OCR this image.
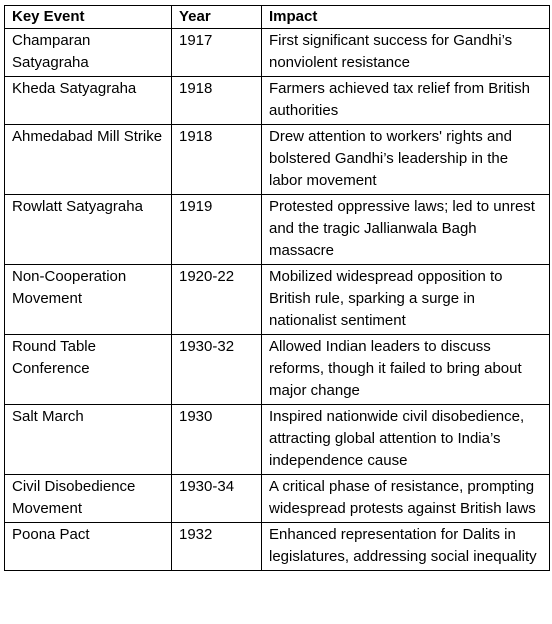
Key Event	Year	Impact
Champaran Satyagraha	1917	First significant success for Gandhi’s nonviolent resistance
Kheda Satyagraha	1918	Farmers achieved tax relief from British authorities
Ahmedabad Mill Strike	1918	Drew attention to workers' rights and bolstered Gandhi’s leadership in the labor movement
Rowlatt Satyagraha	1919	Protested oppressive laws; led to unrest and the tragic Jallianwala Bagh massacre
Non-Cooperation Movement	1920-22	Mobilized widespread opposition to British rule, sparking a surge in nationalist sentiment
Round Table Conference	1930-32	Allowed Indian leaders to discuss reforms, though it failed to bring about major change
Salt March	1930	Inspired nationwide civil disobedience, attracting global attention to India’s independence cause
Civil Disobedience Movement	1930-34	A critical phase of resistance, prompting widespread protests against British laws
Poona Pact	1932	Enhanced representation for Dalits in legislatures, addressing social inequality
